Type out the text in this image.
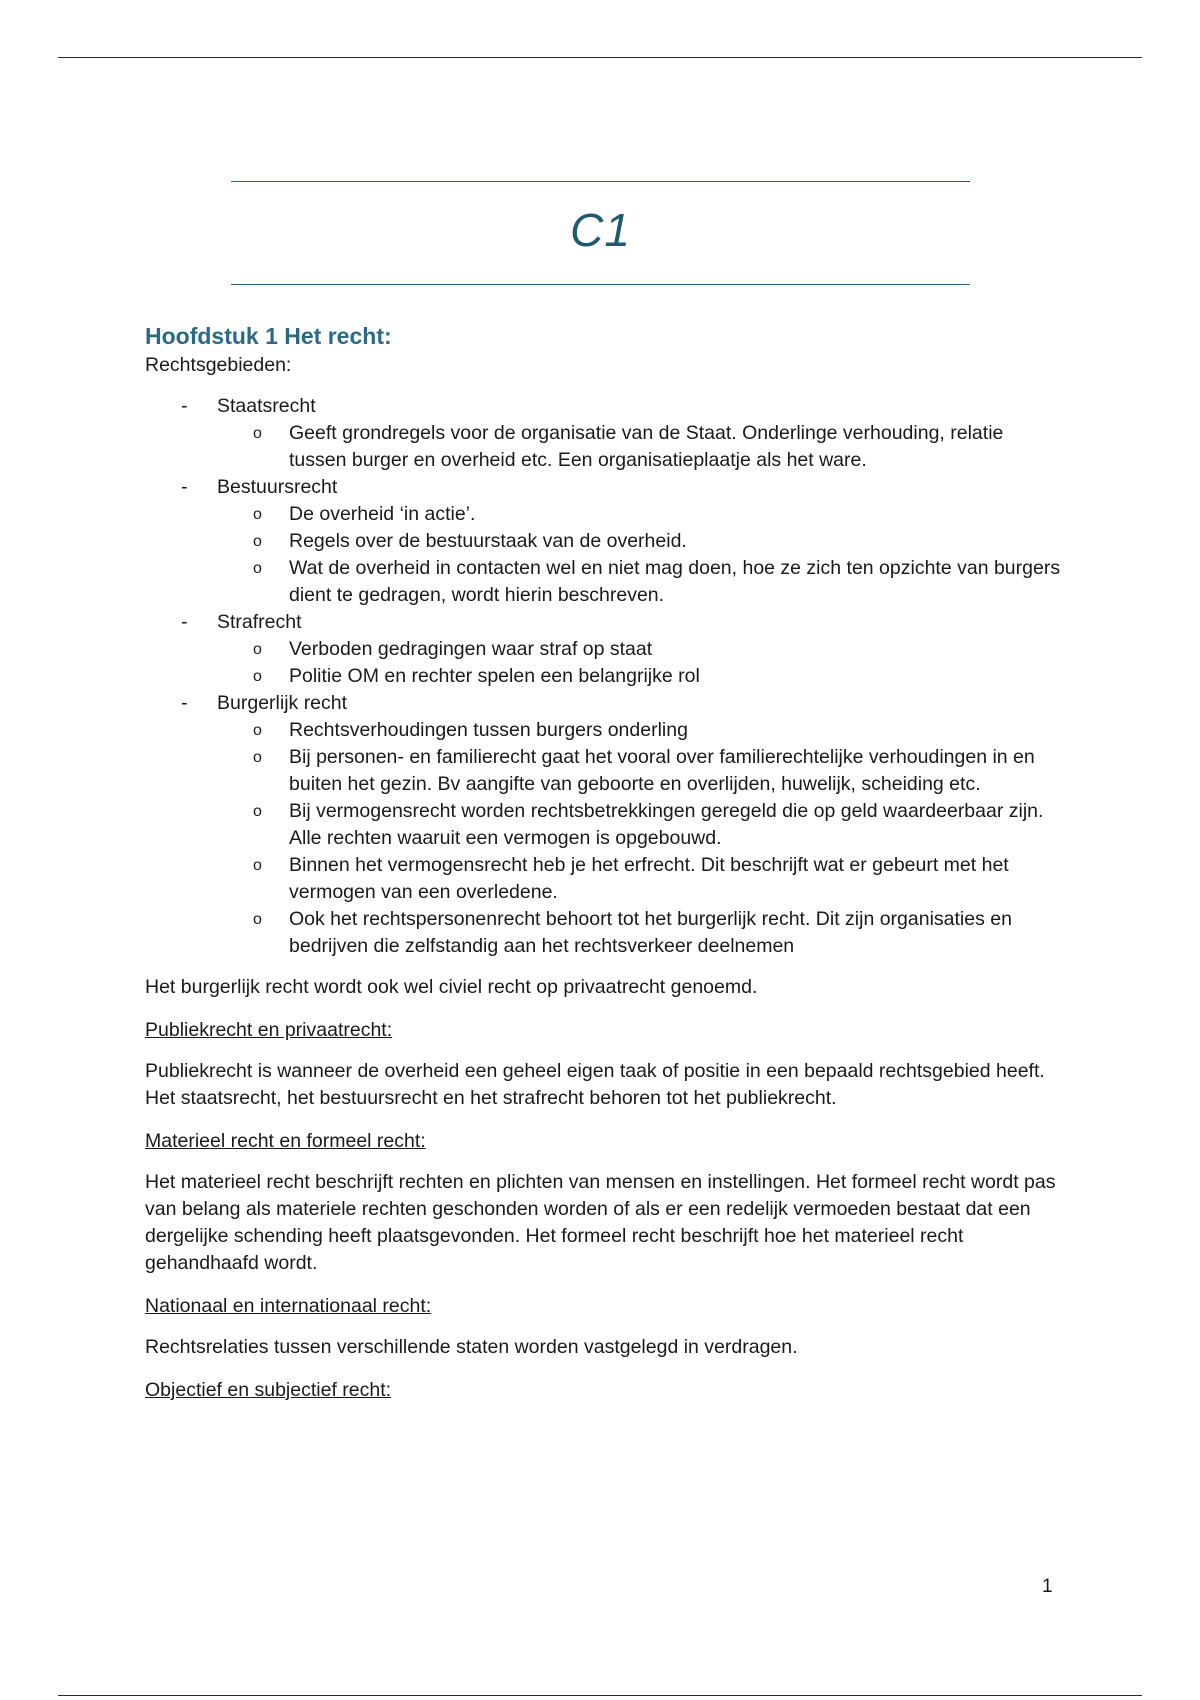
C1
Hoofdstuk 1 Het recht:

Rechtsgebieden:

- Staatsrecht
o Geeft grondregels voor de organisatie van de Staat. Onderlinge verhouding, relatie tussen burger en overheid etc. Een organisatieplaatje als het ware.
- Bestuursrecht
o De overheid ‘in actie’.
o Regels over de bestuurstaak van de overheid.
o Wat de overheid in contacten wel en niet mag doen, hoe ze zich ten opzichte van burgers dient te gedragen, wordt hierin beschreven.
- Strafrecht
o Verboden gedragingen waar straf op staat
o Politie OM en rechter spelen een belangrijke rol
- Burgerlijk recht
o Rechtsverhoudingen tussen burgers onderling
o Bij personen- en familierecht gaat het vooral over familierechtelijke verhoudingen in en buiten het gezin. Bv aangifte van geboorte en overlijden, huwelijk, scheiding etc.
o Bij vermogensrecht worden rechtsbetrekkingen geregeld die op geld waardeerbaar zijn. Alle rechten waaruit een vermogen is opgebouwd.
o Binnen het vermogensrecht heb je het erfrecht. Dit beschrijft wat er gebeurt met het vermogen van een overledene.
o Ook het rechtspersonenrecht behoort tot het burgerlijk recht. Dit zijn organisaties en bedrijven die zelfstandig aan het rechtsverkeer deelnemen

Het burgerlijk recht wordt ook wel civiel recht op privaatrecht genoemd.

Publiekrecht en privaatrecht:

Publiekrecht is wanneer de overheid een geheel eigen taak of positie in een bepaald rechtsgebied heeft. Het staatsrecht, het bestuursrecht en het strafrecht behoren tot het publiekrecht.

Materieel recht en formeel recht:

Het materieel recht beschrijft rechten en plichten van mensen en instellingen. Het formeel recht wordt pas van belang als materiele rechten geschonden worden of als er een redelijk vermoeden bestaat dat een dergelijke schending heeft plaatsgevonden. Het formeel recht beschrijft hoe het materieel recht gehandhaafd wordt.

Nationaal en internationaal recht:

Rechtsrelaties tussen verschillende staten worden vastgelegd in verdragen.

Objectief en subjectief recht:

1
